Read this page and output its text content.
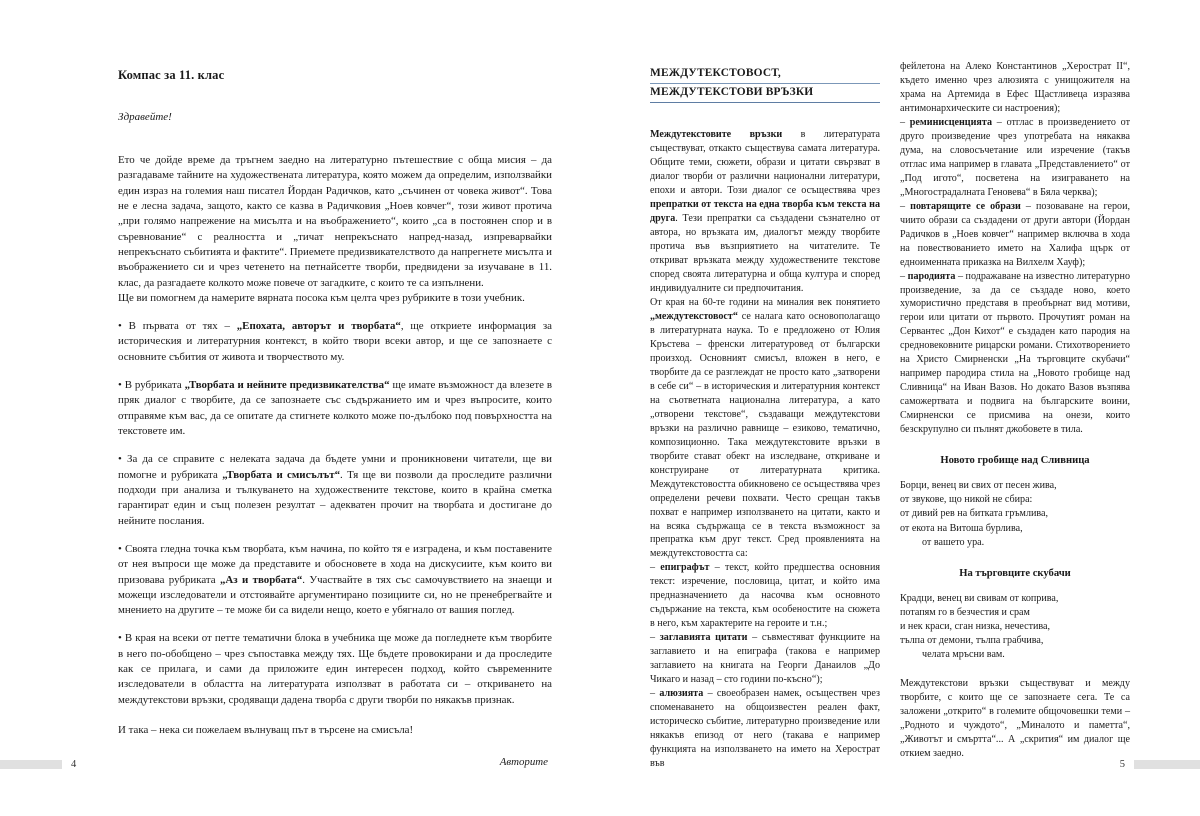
Компас за 11. клас

Здравейте!

Ето че дойде време да тръгнем заедно на литературно пътешествие с обща мисия – да разгадаваме тайните на художествената литература, която можем да определим, използвайки един израз на големия наш писател Йордан Радичков, като „съчинен от човека живот“. Това не е лесна задача, защото, както се казва в Радичковия „Ноев ковчег“, този живот протича „при голямо напрежение на мисълта и на въображението“, които „са в постоянен спор и в съревнование“ с реалността и „тичат непрекъснато напред-назад, изпреварвайки непрекъснато събитията и фактите“. Приемете предизвикателството да напрегнете мисълта и въображението си и чрез четенето на петнайсетте творби, предвидени за изучаване в 11. клас, да разгадаете колкото може повече от загадките, с които те са изпълнени.

Ще ви помогнем да намерите вярната посока към целта чрез рубриките в този учебник.

• В първата от тях – „Епохата, авторът и творбата“, ще откриете информация за историческия и литературния контекст, в който твори всеки автор, и ще се запознаете с основните събития от живота и творчеството му.

• В рубриката „Творбата и нейните предизвикателства“ ще имате възможност да влезете в пряк диалог с творбите, да се запознаете със съдържанието им и чрез въпросите, които отправяме към вас, да се опитате да стигнете колкото може по-дълбоко под повърхността на текстовете им.

• За да се справите с нелеката задача да бъдете умни и проникновени читатели, ще ви помогне и рубриката „Творбата и смисълът“. Тя ще ви позволи да проследите различни подходи при анализа и тълкуването на художествените текстове, които в крайна сметка гарантират един и същ полезен резултат – адекватен прочит на творбата и достигане до нейните послания.

• Своята гледна точка към творбата, към начина, по който тя е изградена, и към поставените от нея въпроси ще може да представите и обосновете в хода на дискусиите, към които ви призовава рубриката „Аз и творбата“. Участвайте в тях със самочувствието на знаещи и можещи изследователи и отстоявайте аргументирано позициите си, но не пренебрегвайте и мнението на другите – те може би са видели нещо, което е убягнало от вашия поглед.

• В края на всеки от петте тематични блока в учебника ще може да погледнете към творбите в него по-обобщено – чрез съпоставка между тях. Ще бъдете провокирани и да проследите как се прилага, и сами да приложите един интересен подход, който съвременните изследователи в областта на литературата използват в работата си – откриването на междутекстови връзки, сродяващи дадена творба с други творби по някакъв признак.

И така – нека си пожелаем вълнуващ път в търсене на смисъла!

Авторите

МЕЖДУТЕКСТОВОСТ,
МЕЖДУТЕКСТОВИ ВРЪЗКИ

Междутекстовите връзки в литературата съществуват, откакто съществува самата литература. Общите теми, сюжети, образи и цитати свързват в диалог творби от различни национални литератури, епохи и автори. Този диалог се осъществява чрез препратки от текста на една творба към текста на друга. Тези препратки са създадени съзнателно от автора, но връзката им, диалогът между творбите протича във възприятието на читателите. Те откриват връзката между художествените текстове според своята литературна и обща култура и според индивидуалните си предпочитания.

От края на 60-те години на миналия век понятието „междутекстовост“ се налага като основополагащо в литературната наука. То е предложено от Юлия Кръстева – френски литературовед от български произход. Основният смисъл, вложен в него, е творбите да се разглеждат не просто като „затворени в себе си“ – в историческия и литературния контекст на съответната национална литература, а като „отворени текстове“, създаващи междутекстови връзки на различно равнище – езиково, тематично, композиционно. Така междутекстовите връзки в творбите стават обект на изследване, откриване и конструиране от литературната критика. Междутекстовостта обикновено се осъществява чрез определени речеви похвати. Често срещан такъв похват е например използването на цитати, както и на всяка съдържаща се в текста възможност за препратка към друг текст. Сред проявленията на междутекстовостта са:

– епиграфът – текст, който предшества основния текст: изречение, пословица, цитат, и който има предназначението да насочва към основното съдържание на текста, към особеностите на сюжета в него, към характерите на героите и т.н.;

– заглавията цитати – съвместяват функциите на заглавието и на епиграфа (такова е например заглавието на книгата на Георги Данаилов „До Чикаго и назад – сто години по-късно“);

– алюзията – своеобразен намек, осъществен чрез споменаването на общоизвестен реален факт, историческо събитие, литературно произведение или някакъв епизод от него (такава е например функцията на използването на името на Херострат във

фейлетона на Алеко Константинов „Херострат II“, където именно чрез алюзията с унищожителя на храма на Артемида в Ефес Щастливеца изразява антимонархическите си настроения);

– реминисценцията – отглас в произведението от друго произведение чрез употребата на някаква дума, на словосъчетание или изречение (такъв отглас има например в главата „Представлението“ от „Под игото“, посветена на изиграването на „Многострадалната Геновева“ в Бяла черква);

– повтарящите се образи – позоваване на герои, чиито образи са създадени от други автори (Йордан Радичков в „Ноев ковчег“ например включва в хода на повествованието името на Халифа щърк от едноименната приказка на Вилхелм Хауф);

– пародията – подражаване на известно литературно произведение, за да се създаде ново, което хумористично представя в преобърнат вид мотиви, герои или цитати от първото. Прочутият роман на Сервантес „Дон Кихот“ е създаден като пародия на средновековните рицарски романи. Стихотворението на Христо Смирненски „На търговците скубачи“ например пародира стила на „Новото гробище над Сливница“ на Иван Вазов. Но докато Вазов възпява саможертвата и подвига на българските воини, Смирненски се присмива на онези, които безскрупулно си пълнят джобовете в тила.

Новото гробище над Сливница

Борци, венец ви свих от песен жива,
от звукове, що никой не сбира:
от дивий рев на битката гръмлива,
от екота на Витоша бурлива,
от вашето ура.

На търговците скубачи

Крадци, венец ви свивам от коприва,
потапям го в безчестия и срам
и нек краси, сган низка, нечестива,
тълпа от демони, тълпа грабчива,
челата мръсни вам.

Междутекстови връзки съществуват и между творбите, с които ще се запознаете сега. Те са заложени „открито“ в големите общочовешки теми – „Родното и чуждото“, „Миналото и паметта“, „Животът и смъртта“... А „скрития“ им диалог ще откием заедно.

4	5
